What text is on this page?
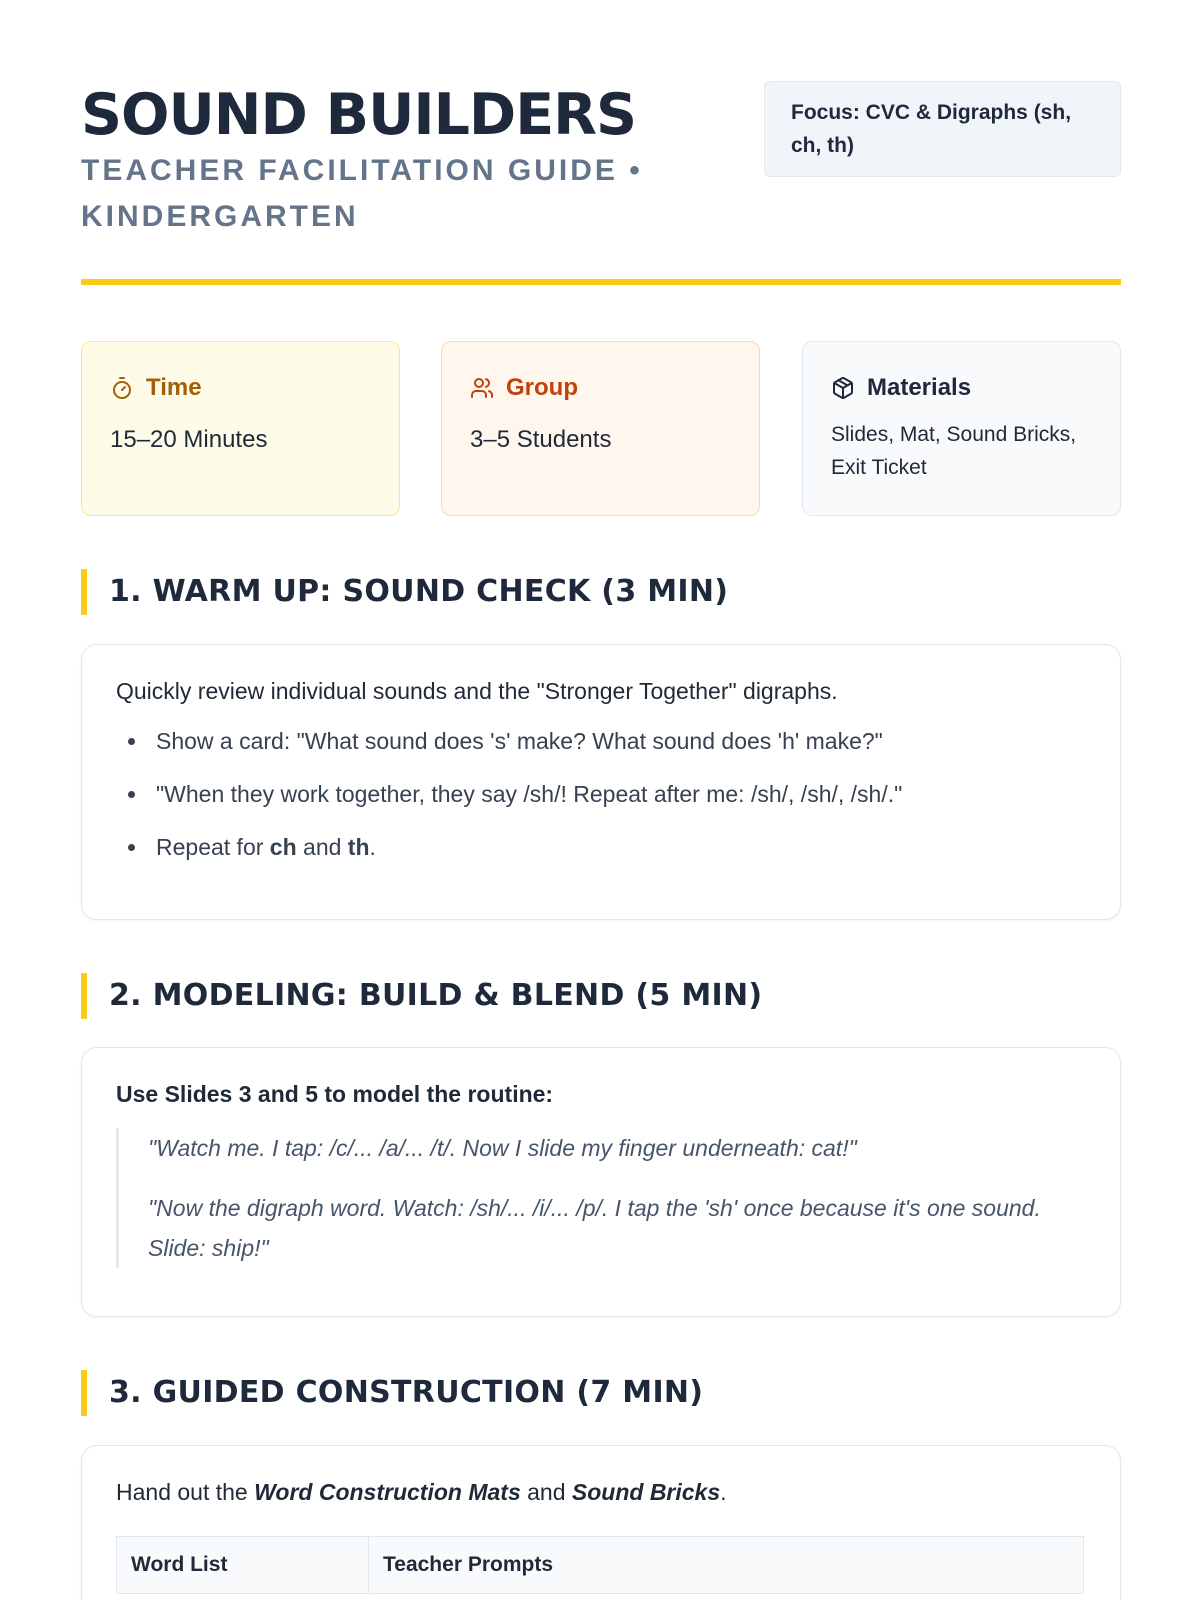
SOUND BUILDERS
TEACHER FACILITATION GUIDE • KINDERGARTEN
Focus: CVC & Digraphs (sh, ch, th)
Time
15–20 Minutes
Group
3–5 Students
Materials
Slides, Mat, Sound Bricks, Exit Ticket
1. WARM UP: SOUND CHECK (3 MIN)
Quickly review individual sounds and the "Stronger Together" digraphs.
Show a card: "What sound does 's' make? What sound does 'h' make?"
"When they work together, they say /sh/! Repeat after me: /sh/, /sh/, /sh/."
Repeat for ch and th.
2. MODELING: BUILD & BLEND (5 MIN)
Use Slides 3 and 5 to model the routine:

"Watch me. I tap: /c/... /a/... /t/. Now I slide my finger underneath: cat!"

"Now the digraph word. Watch: /sh/... /i/... /p/. I tap the 'sh' once because it's one sound. Slide: ship!"

3. GUIDED CONSTRUCTION (7 MIN)
Hand out the Word Construction Mats and Sound Bricks.
Word List	Teacher Prompts
